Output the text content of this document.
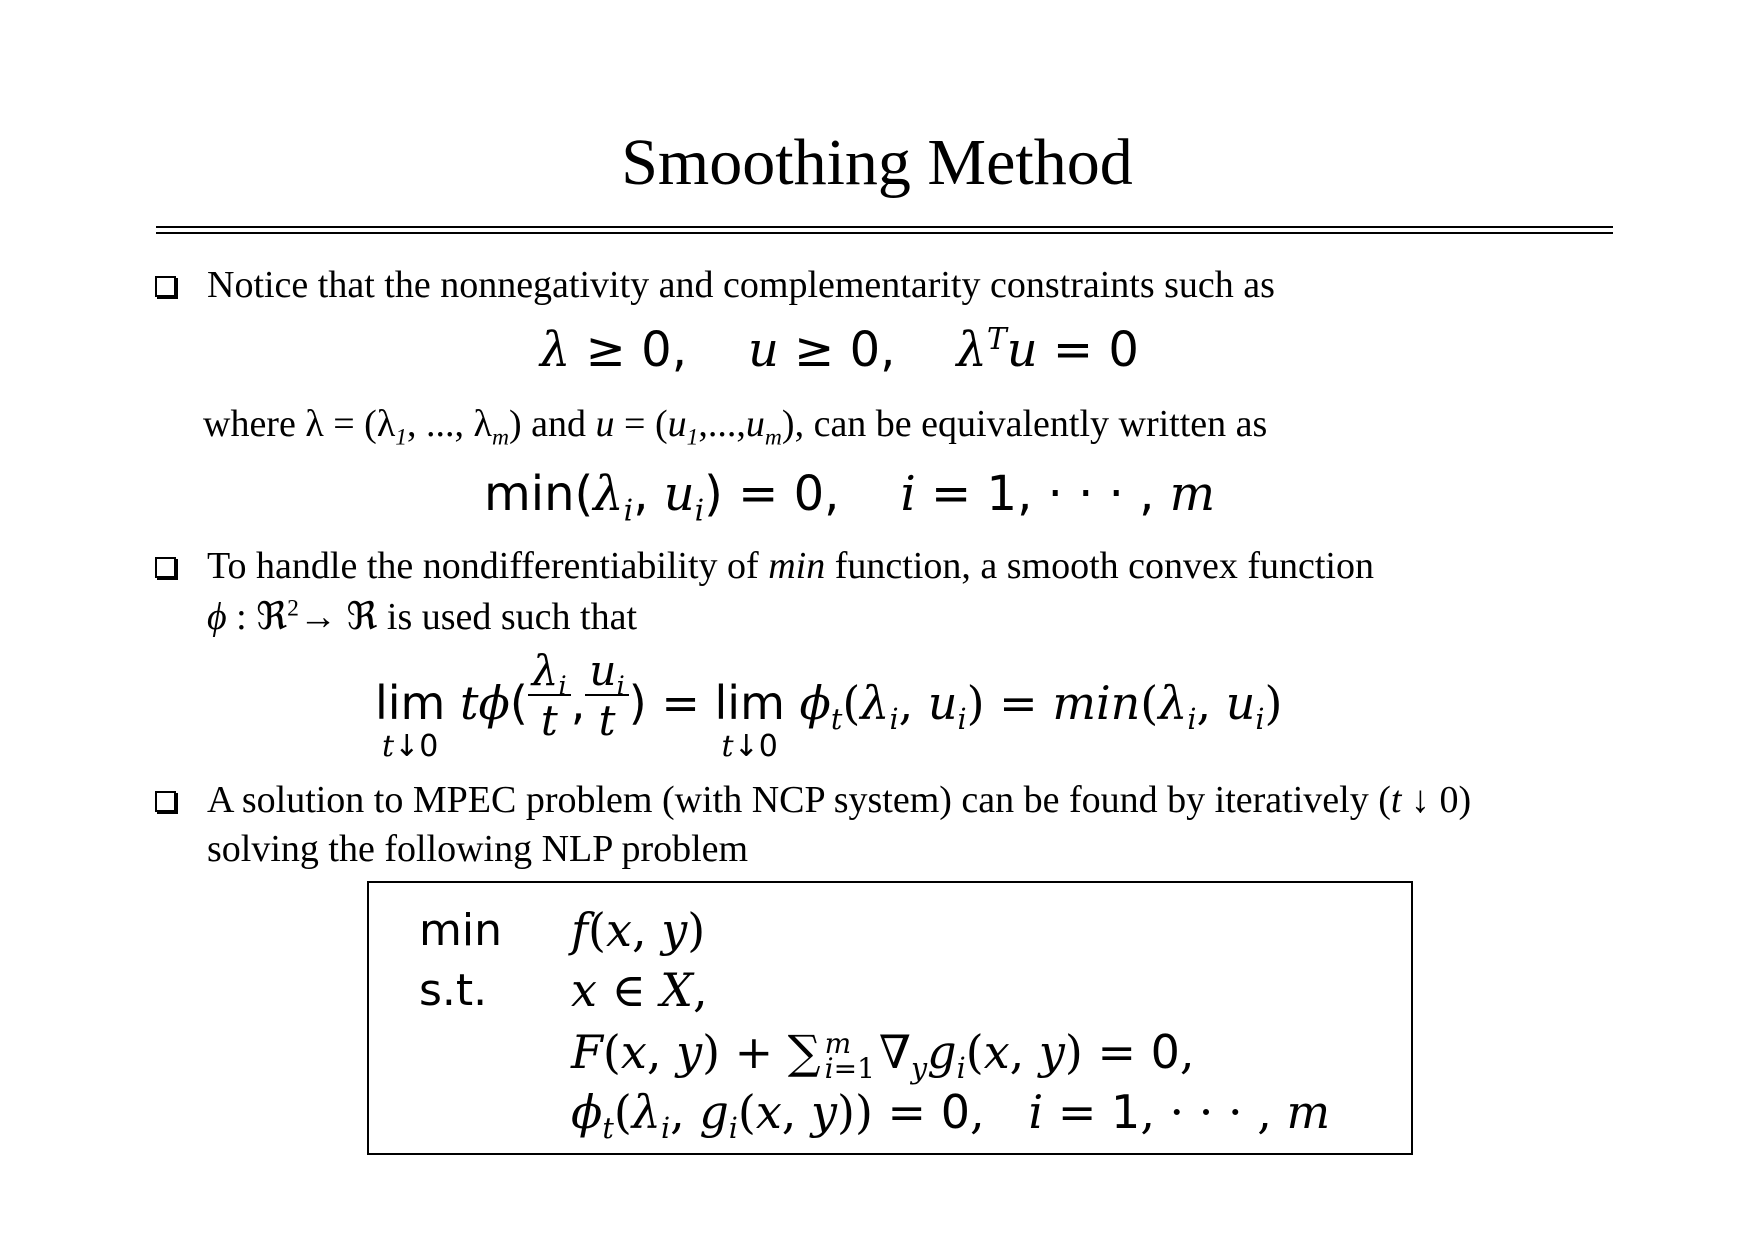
Smoothing Method
Notice that the nonnegativity and complementarity constraints such as
λ ≥ 0,    u ≥ 0,    $\lambda^Tu = 0$
where $\lambda = (\lambda_1$, ..., $\lambda_m$) and $u = (u_1,...,u_m)$, can be equivalently written as
$\min(\lambda_i$, $u_i) = 0$,    i = 1, · · · , m
To handle the nondifferentiability of min function, a smooth convex function
ϕ : ℜ$^2$→ ℜ is used such that
lim
t↓0
$t\phi( \frac{\lambda_i}{t}$ , $\frac{u_i}{t}$ ) = lim
t↓0
$\phi_t(\lambda_i$, $u_i) = \min(\lambda_i$, $u_i$)
A solution to MPEC problem (with NCP system) can be found by iteratively (t ↓ 0)
solving the following NLP problem
min
s.t.
f(x, y)
x ∈ X,
F(x, y) + ∑ m
i=1 $\nabla_yg_i(x$, y) = 0,
$\phi_t(\lambda_i$, $g_i(x$, y)) = 0,   i = 1, · · · , m
